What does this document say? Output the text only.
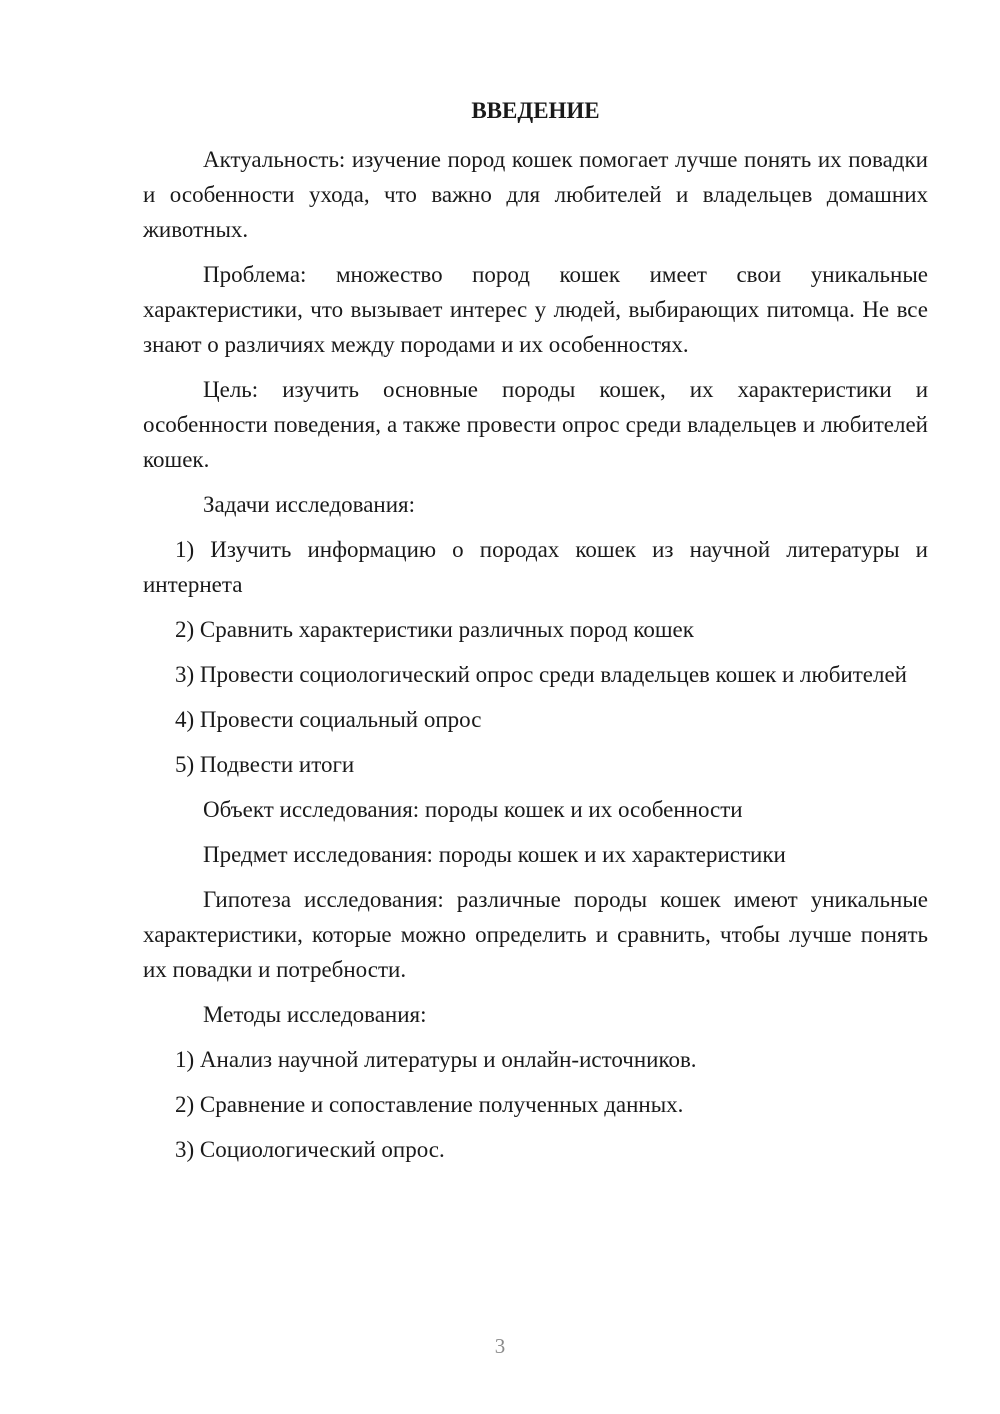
ВВЕДЕНИЕ

Актуальность: изучение пород кошек помогает лучше понять их повадки и особенности ухода, что важно для любителей и владельцев домашних животных.

Проблема: множество пород кошек имеет свои уникальные характеристики, что вызывает интерес у людей, выбирающих питомца. Не все знают о различиях между породами и их особенностях.

Цель: изучить основные породы кошек, их характеристики и особенности поведения, а также провести опрос среди владельцев и любителей кошек.

Задачи исследования:

1) Изучить информацию о породах кошек из научной литературы и интернета

2) Сравнить характеристики различных пород кошек

3) Провести социологический опрос среди владельцев кошек и любителей

4) Провести социальный опрос

5) Подвести итоги

Объект исследования: породы кошек и их особенности

Предмет исследования: породы кошек и их характеристики

Гипотеза исследования: различные породы кошек имеют уникальные характеристики, которые можно определить и сравнить, чтобы лучше понять их повадки и потребности.

Методы исследования:

1) Анализ научной литературы и онлайн-источников.

2) Сравнение и сопоставление полученных данных.

3) Социологический опрос.

3
